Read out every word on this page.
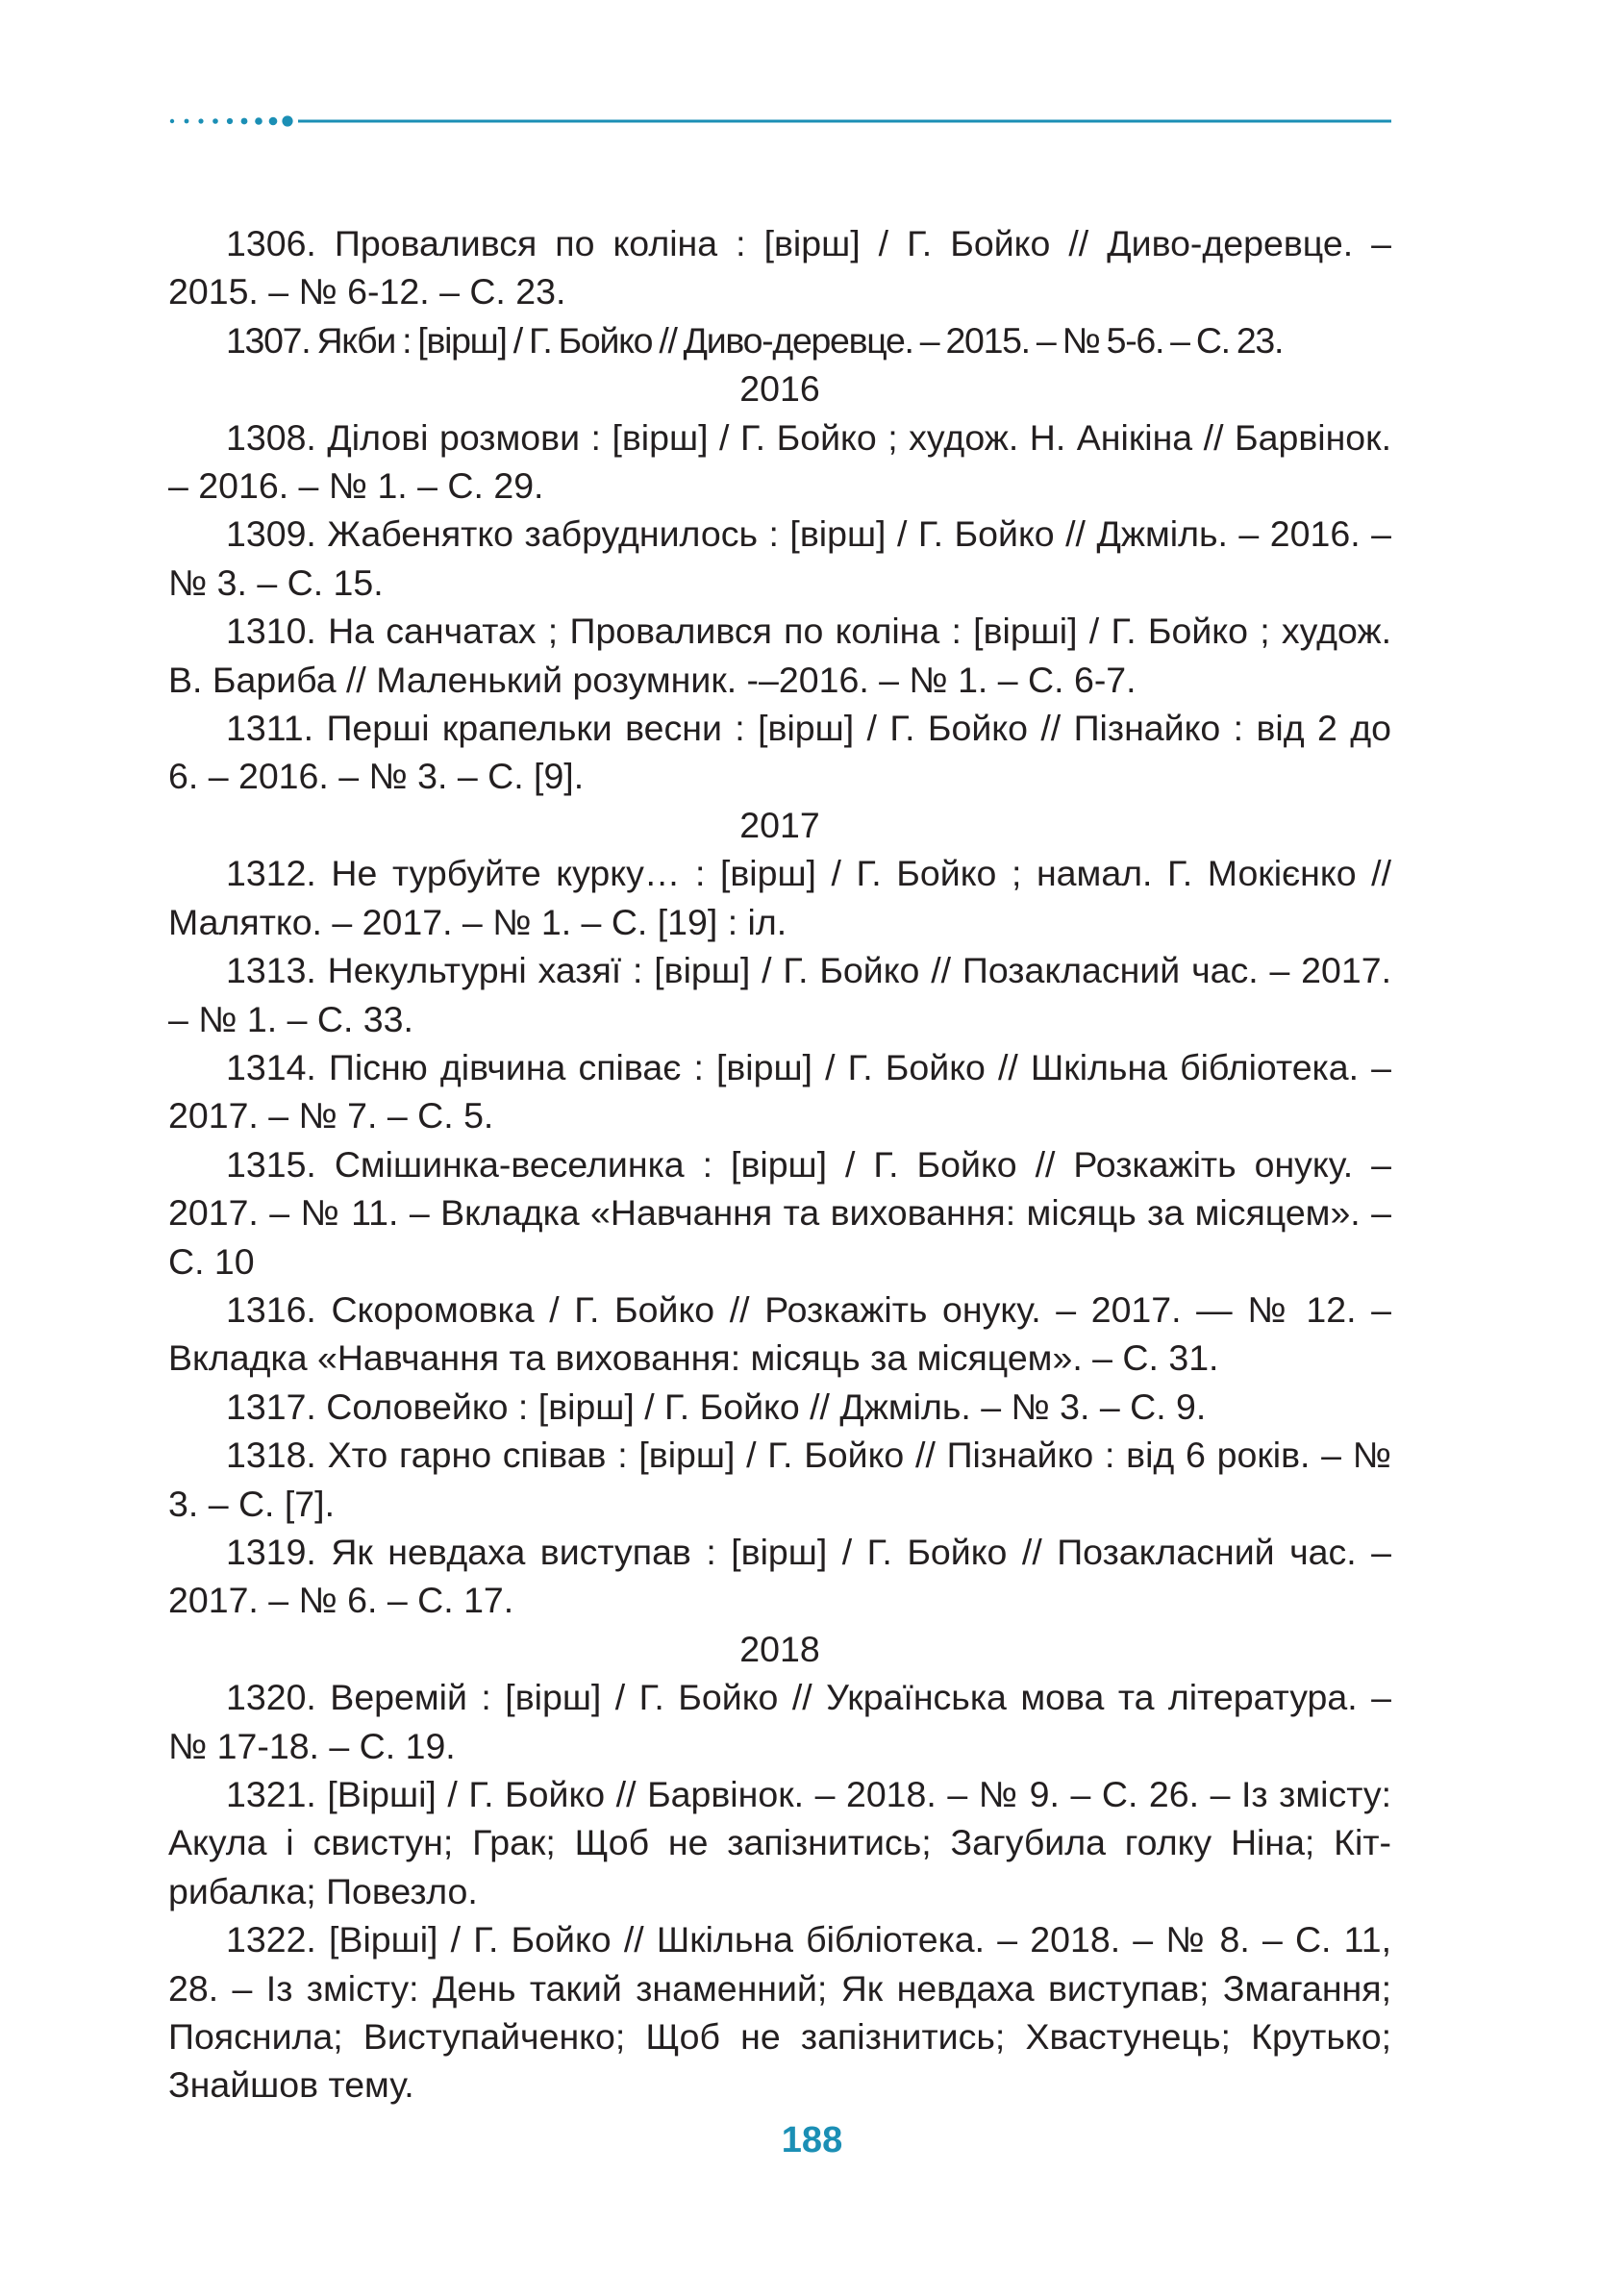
1306. Провалився по коліна : [вірш] / Г. Бойко // Диво-деревце. – 2015. – № 6-12. – С. 23.

1307. Якби : [вірш] / Г. Бойко // Диво-деревце. – 2015. – № 5-6. – С. 23.

2016

1308. Ділові розмови : [вірш] / Г. Бойко ; худож. Н. Анікіна // Барвінок. – 2016. – № 1. – С. 29.

1309. Жабенятко забруднилось : [вірш] / Г. Бойко // Джміль. – 2016. – № 3. – С. 15.

1310. На санчатах ; Провалився по коліна : [вірші] / Г. Бойко ; худож. В. Бариба // Маленький розумник. -–2016. – № 1. – С. 6-7.

1311. Перші крапельки весни : [вірш] / Г. Бойко // Пізнайко : від 2 до 6. – 2016. – № 3. – С. [9].

2017

1312. Не турбуйте курку… : [вірш] / Г. Бойко ; намал. Г. Мокієнко // Малятко. – 2017. – № 1. – С. [19] : іл.

1313. Некультурні хазяї : [вірш] / Г. Бойко // Позакласний час. – 2017. – № 1. – С. 33.

1314. Пісню дівчина співає : [вірш] / Г. Бойко // Шкільна бібліотека. – 2017. – № 7. – С. 5.

1315. Смішинка-веселинка : [вірш] / Г. Бойко // Розкажіть онуку. – 2017. – № 11. – Вкладка «Навчання та виховання: місяць за місяцем». – С. 10

1316. Скоромовка / Г. Бойко // Розкажіть онуку. – 2017. — № 12. – Вкладка «Навчання та виховання: місяць за місяцем». – С. 31.

1317. Соловейко : [вірш] / Г. Бойко // Джміль. – № 3. – С. 9.

1318. Хто гарно співав : [вірш] / Г. Бойко // Пізнайко : від 6 років. – № 3. – С. [7].

1319. Як невдаха виступав : [вірш] / Г. Бойко // Позакласний час. – 2017. – № 6. – С. 17.

2018

1320. Веремій : [вірш] / Г. Бойко // Українська мова та література. – № 17-18. – С. 19.

1321. [Вірші] / Г. Бойко // Барвінок. – 2018. – № 9. – С. 26. – Із змісту: Акула і свистун; Грак; Щоб не запізнитись; Загубила голку Ніна; Кіт-рибалка; Повезло.

1322. [Вірші] / Г. Бойко // Шкільна бібліотека. – 2018. – № 8. – С. 11, 28. – Із змісту: День такий знаменний; Як невдаха виступав; Змагання; Пояснила; Виступайченко; Щоб не запізнитись; Хвастунець; Крутько; Знайшов тему.

188
